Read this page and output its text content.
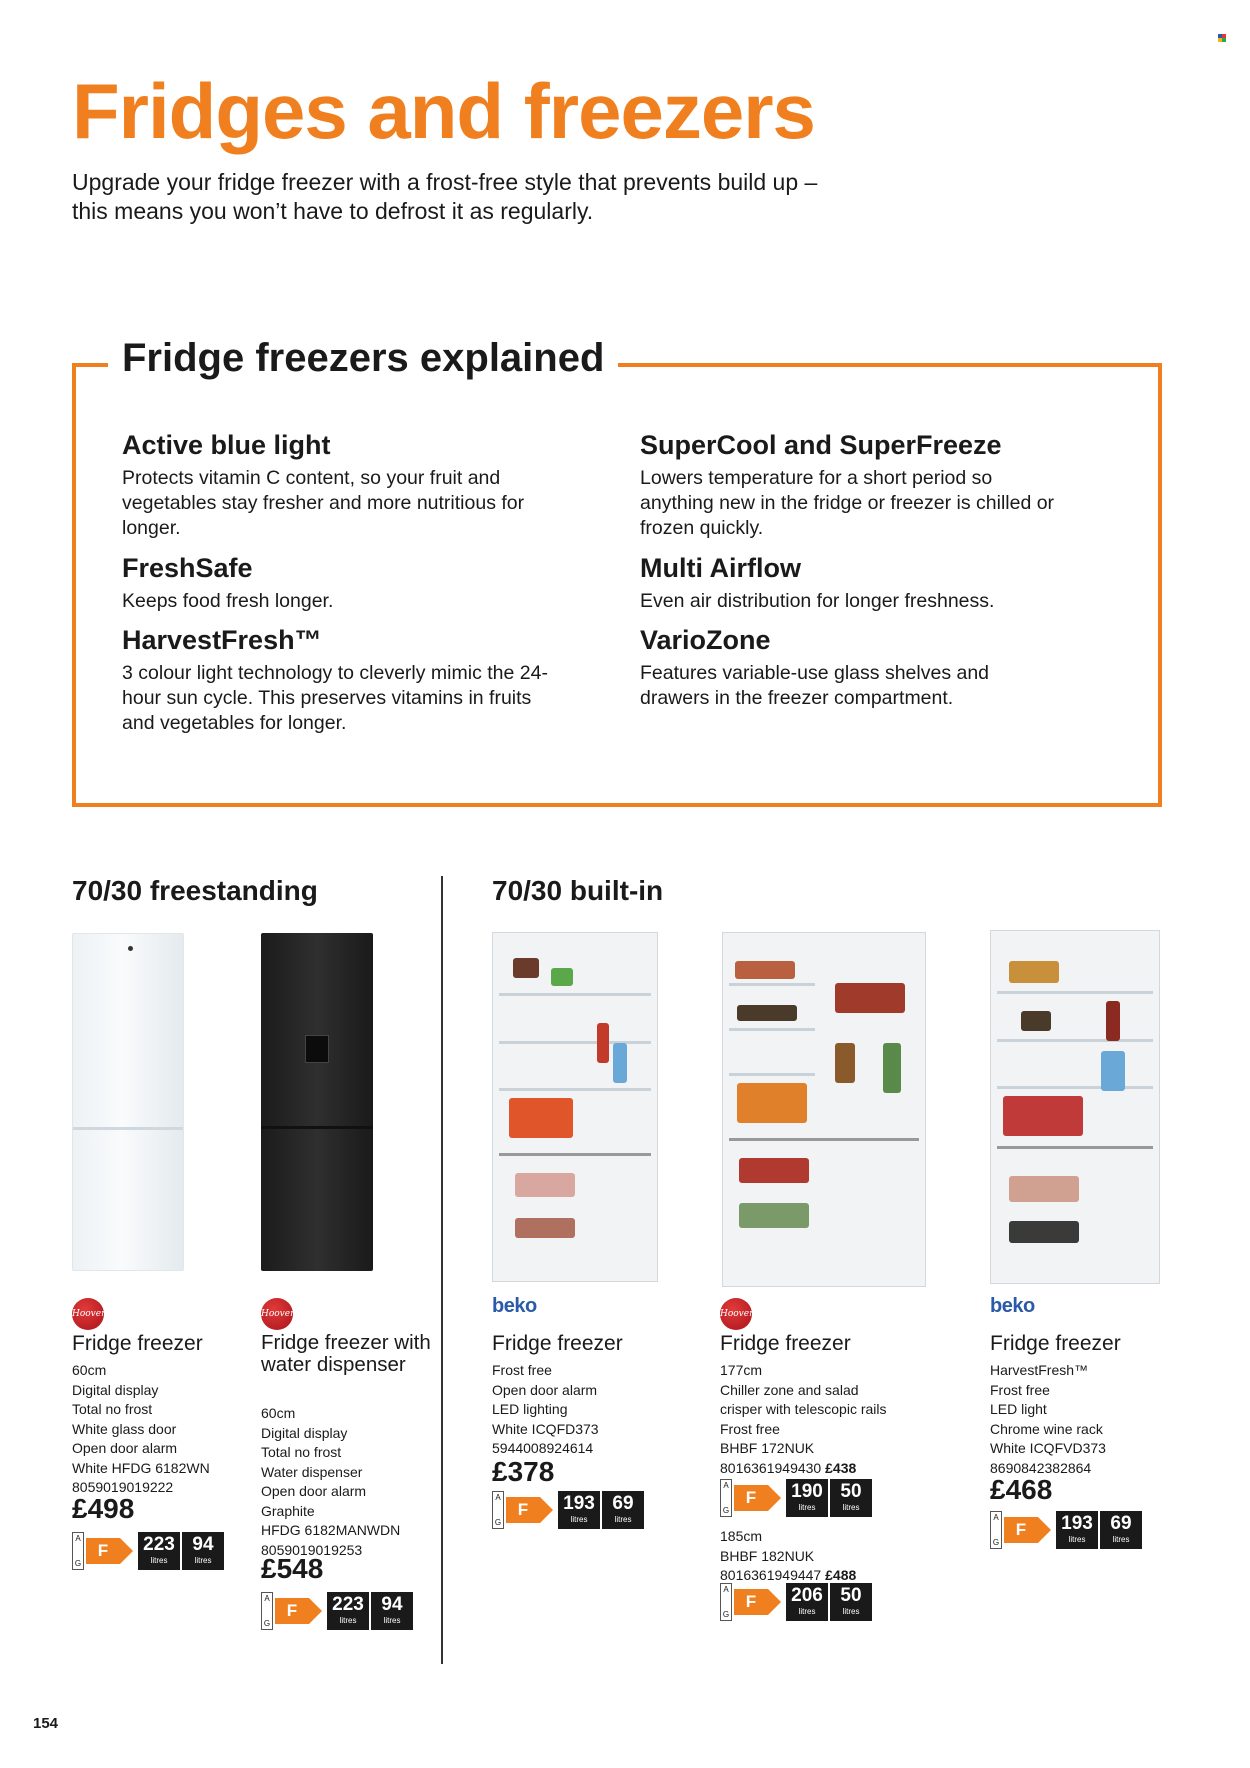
Fridges and freezers

Upgrade your fridge freezer with a frost-free style that prevents build up – this means you won’t have to defrost it as regularly.

Fridge freezers explained
Active blue light

Protects vitamin C content, so your fruit and vegetables stay fresher and more nutritious for longer.

FreshSafe

Keeps food fresh longer.

HarvestFresh™

3 colour light technology to cleverly mimic the 24-hour sun cycle. This preserves vitamins in fruits and vegetables for longer.

SuperCool and SuperFreeze

Lowers temperature for a short period so anything new in the fridge or freezer is chilled or frozen quickly.

Multi Airflow

Even air distribution for longer freshness.

VarioZone

Features variable-use glass shelves and drawers in the freezer compartment.

70/30 freestanding	70/30 built-in
Hoover
Fridge freezer
60cm
Digital display
Total no frost
White glass door
Open door alarm
White HFDG 6182WN
8059019019222
£498
A
G
F	223
litres
94
litres
Hoover
Fridge freezer with water dispenser
60cm
Digital display
Total no frost
Water dispenser
Open door alarm
Graphite
HFDG 6182MANWDN
8059019019253
£548
A
G
F	223
litres
94
litres
beko
Fridge freezer
Frost free
Open door alarm
LED lighting
White ICQFD373
5944008924614
£378
A
G
F	193
litres
69
litres
Hoover
Fridge freezer
177cm
Chiller zone and salad
crisper with telescopic rails
Frost free
BHBF 172NUK
8016361949430 £438
A
G
F	190
litres
50
litres
185cm
BHBF 182NUK
8016361949447 £488
A
G
F	206
litres
50
litres
beko
Fridge freezer
HarvestFresh™
Frost free
LED light
Chrome wine rack
White ICQFVD373
8690842382864
£468
A
G
F	193
litres
69
litres
154
